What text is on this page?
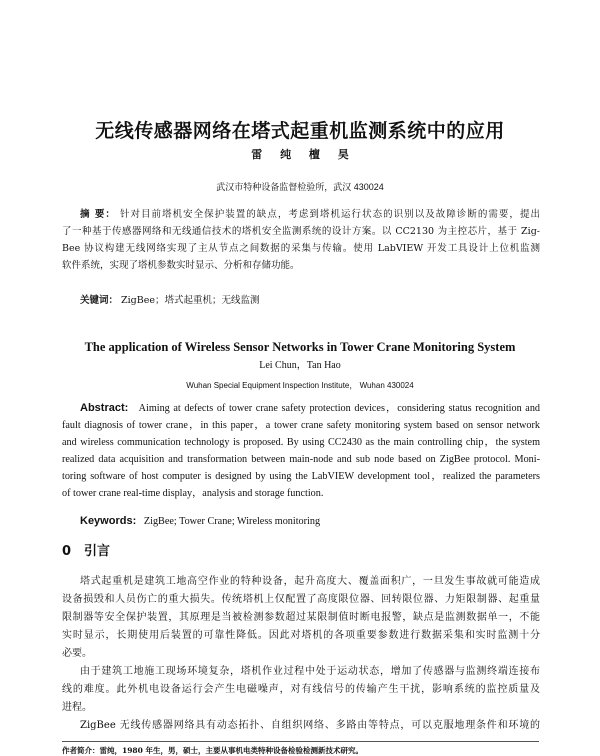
无线传感器网络在塔式起重机监测系统中的应用
雷 纯 檀 昊
武汉市特种设备监督检验所，武汉 430024
摘 要： 针对目前塔机安全保护装置的缺点，考虑到塔机运行状态的识别以及故障诊断的需要，提出
了一种基于传感器网络和无线通信技术的塔机安全监测系统的设计方案。以 CC2130 为主控芯片，基于 Zig-
Bee 协议构建无线网络实现了主从节点之间数据的采集与传输。使用 LabVIEW 开发工具设计上位机监测
软件系统，实现了塔机参数实时显示、分析和存储功能。
关键词： ZigBee；塔式起重机；无线监测
The application of Wireless Sensor Networks in Tower Crane Monitoring System
Lei Chun，Tan Hao
Wuhan Special Equipment Inspection Institute， Wuhan 430024
Abstract: Aiming at defects of tower crane safety protection devices，considering status recognition and
fault diagnosis of tower crane，in this paper，a tower crane safety monitoring system based on sensor network
and wireless communication technology is proposed. By using CC2430 as the main controlling chip，the system
realized data acquisition and transformation between main-node and sub node based on ZigBee protocol. Moni-
toring software of host computer is designed by using the LabVIEW development tool，realized the parameters
of tower crane real-time display，analysis and storage function.
Keywords: ZigBee; Tower Crane; Wireless monitoring
0 引言
塔式起重机是建筑工地高空作业的特种设备，起升高度大、覆盖面积广，一旦发生事故就可能造成
设备损毁和人员伤亡的重大损失。传统塔机上仅配置了高度限位器、回转限位器、力矩限制器、起重量
限制器等安全保护装置，其原理是当被检测参数超过某限制值时断电报警，缺点是监测数据单一，不能
实时显示，长期使用后装置的可靠性降低。因此对塔机的各项重要参数进行数据采集和实时监测十分
必要。
由于建筑工地施工现场环境复杂，塔机作业过程中处于运动状态，增加了传感器与监测终端连接布
线的难度。此外机电设备运行会产生电磁噪声，对有线信号的传输产生干扰，影响系统的监控质量及
进程。
ZigBee 无线传感器网络具有动态拓扑、自组织网络、多路由等特点，可以克服地理条件和环境的
作者简介：雷纯，1980 年生，男，硕士，主要从事机电类特种设备检验检测新技术研究。
